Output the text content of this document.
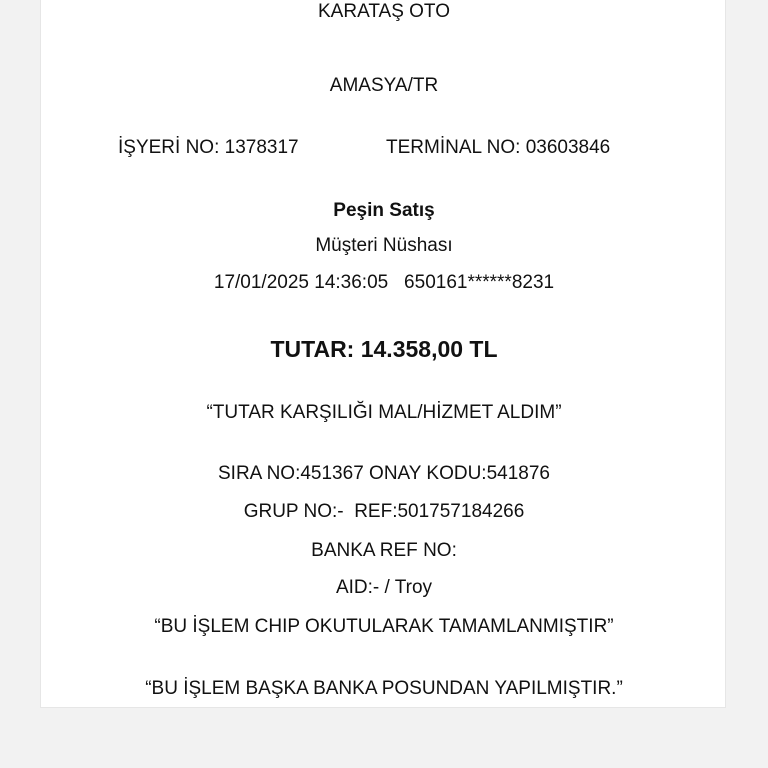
KARATAŞ OTO
AMASYA/TR
İŞYERİ NO: 1378317	TERMİNAL NO: 03603846
Peşin Satış
Müşteri Nüshası
17/01/2025 14:36:05   650161******8231
TUTAR: 14.358,00 TL
“TUTAR KARŞILIĞI MAL/HİZMET ALDIM”
SIRA NO:451367 ONAY KODU:541876
GRUP NO:-  REF:501757184266
BANKA REF NO:
AID:- / Troy
“BU İŞLEM CHIP OKUTULARAK TAMAMLANMIŞTIR”
“BU İŞLEM BAŞKA BANKA POSUNDAN YAPILMIŞTIR.”
